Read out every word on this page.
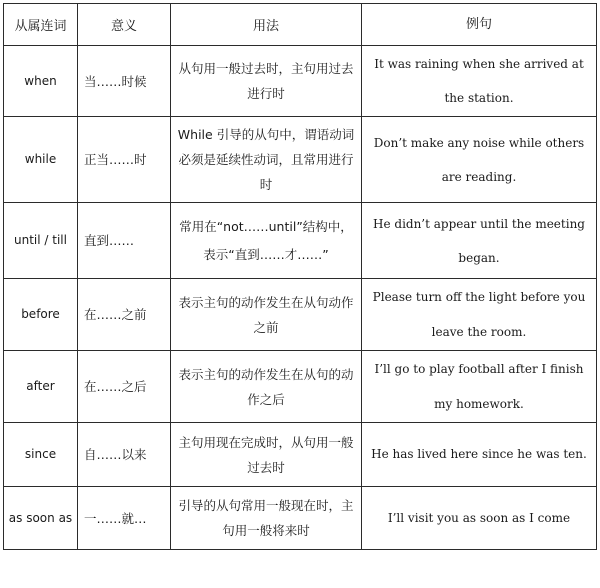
从属连词	意义	用法	例句
when	当……时候	从句用一般过去时，主句用过去进行时	It was raining when she arrived at the station.
while	正当……时	While 引导的从句中，谓语动词必须是延续性动词，且常用进行时	Don’t make any noise while others are reading.
until / till	直到……	常用在“not……until”结构中，表示“直到……才……”	He didn’t appear until the meeting began.
before	在……之前	表示主句的动作发生在从句动作之前	Please turn off the light before you leave the room.
after	在……之后	表示主句的动作发生在从句的动作之后	I’ll go to play football after I finish my homework.
since	自……以来	主句用现在完成时，从句用一般过去时	He has lived here since he was ten.
as soon as	一……就…	引导的从句常用一般现在时，主句用一般将来时	I’ll visit you as soon as I come
